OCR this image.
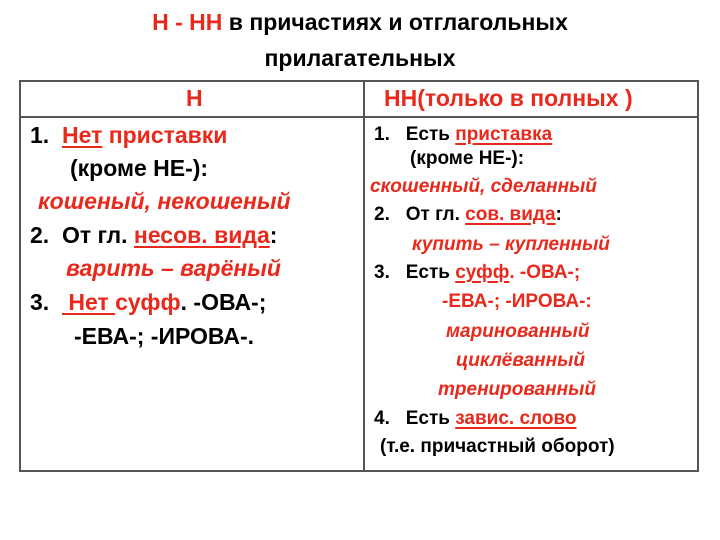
Н - НН в причастиях и отглагольных
прилагательных
Н	НН(только в полных )
1. Нет приставки
(кроме НЕ-):
кошеный, некошеный
2. От гл. несов. вида:
варить – варёный
3.   Нет суфф. -ОВА-;
-ЕВА-; -ИРОВА-.
1. Есть приставка
(кроме НЕ-):
скошенный, сделанный
2. От гл. сов. вида:
купить – купленный
3. Есть суфф. -ОВА-;
-ЕВА-; -ИРОВА-:
маринованный
циклёванный
тренированный
4. Есть завис. слово
(т.е. причастный оборот)
